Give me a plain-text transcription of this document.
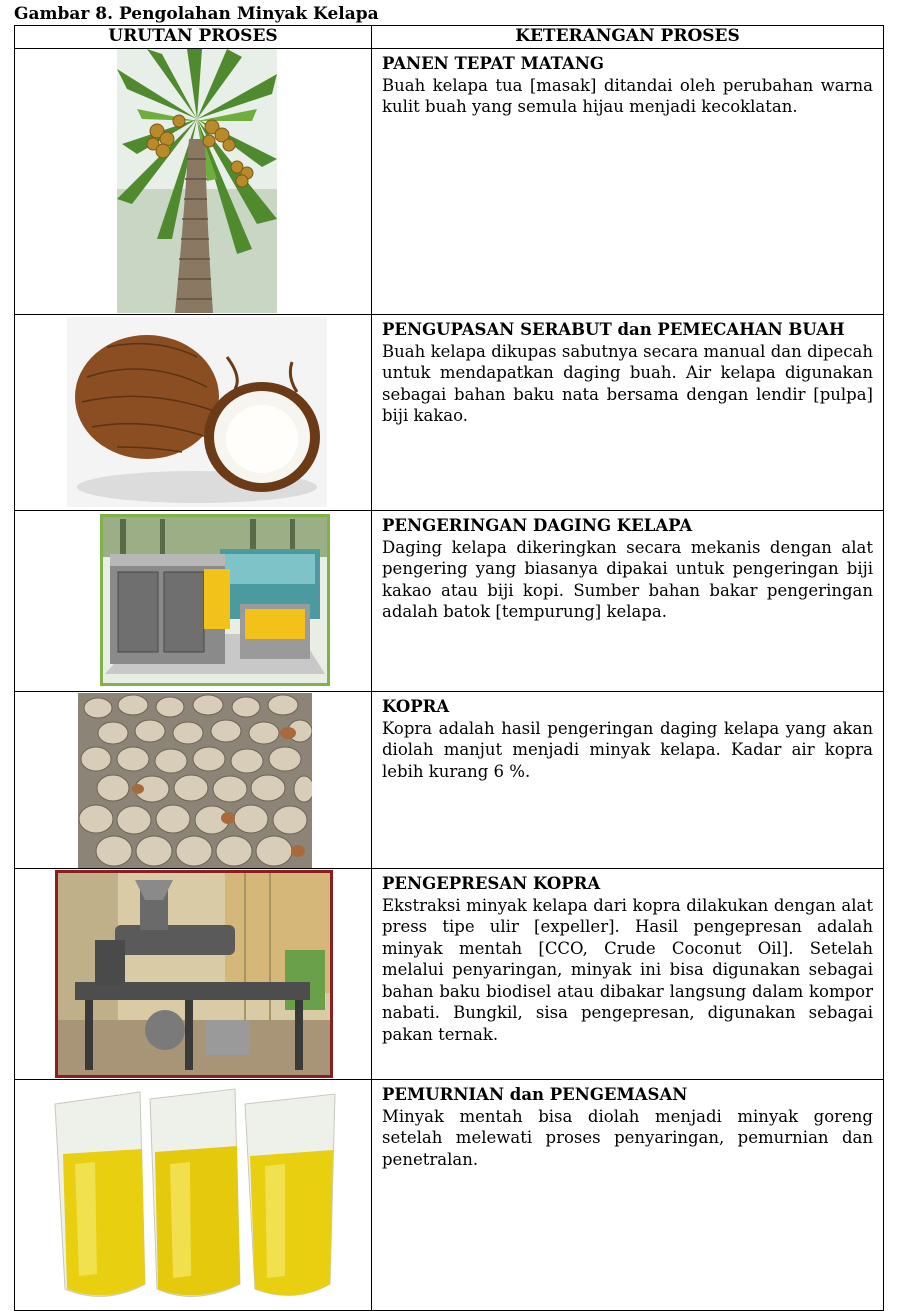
Gambar 8. Pengolahan Minyak Kelapa
URUTAN PROSES	KETERANGAN PROSES

PANEN TEPAT MATANG
Buah kelapa tua [masak] ditandai oleh perubahan warna kulit buah yang semula hijau menjadi kecoklatan.

PENGUPASAN SERABUT dan PEMECAHAN BUAH
Buah kelapa dikupas sabutnya secara manual dan dipecah untuk mendapatkan daging buah. Air kelapa digunakan sebagai bahan baku nata bersama dengan lendir [pulpa] biji kakao.

PENGERINGAN DAGING KELAPA
Daging kelapa dikeringkan secara mekanis dengan alat pengering yang biasanya dipakai untuk pengeringan biji kakao atau biji kopi. Sumber bahan bakar pengeringan adalah batok [tempurung] kelapa.

KOPRA
Kopra adalah hasil pengeringan daging kelapa yang akan diolah manjut menjadi minyak kelapa. Kadar air kopra lebih kurang 6 %.

PENGEPRESAN KOPRA
Ekstraksi minyak kelapa dari kopra dilakukan dengan alat press tipe ulir [expeller]. Hasil pengepresan adalah minyak mentah [CCO, Crude Coconut Oil]. Setelah melalui penyaringan, minyak ini bisa digunakan sebagai bahan baku biodisel atau dibakar langsung dalam kompor nabati. Bungkil, sisa pengepresan, digunakan sebagai pakan ternak.

PEMURNIAN dan PENGEMASAN
Minyak mentah bisa diolah menjadi minyak goreng setelah melewati proses penyaringan, pemurnian dan penetralan.
